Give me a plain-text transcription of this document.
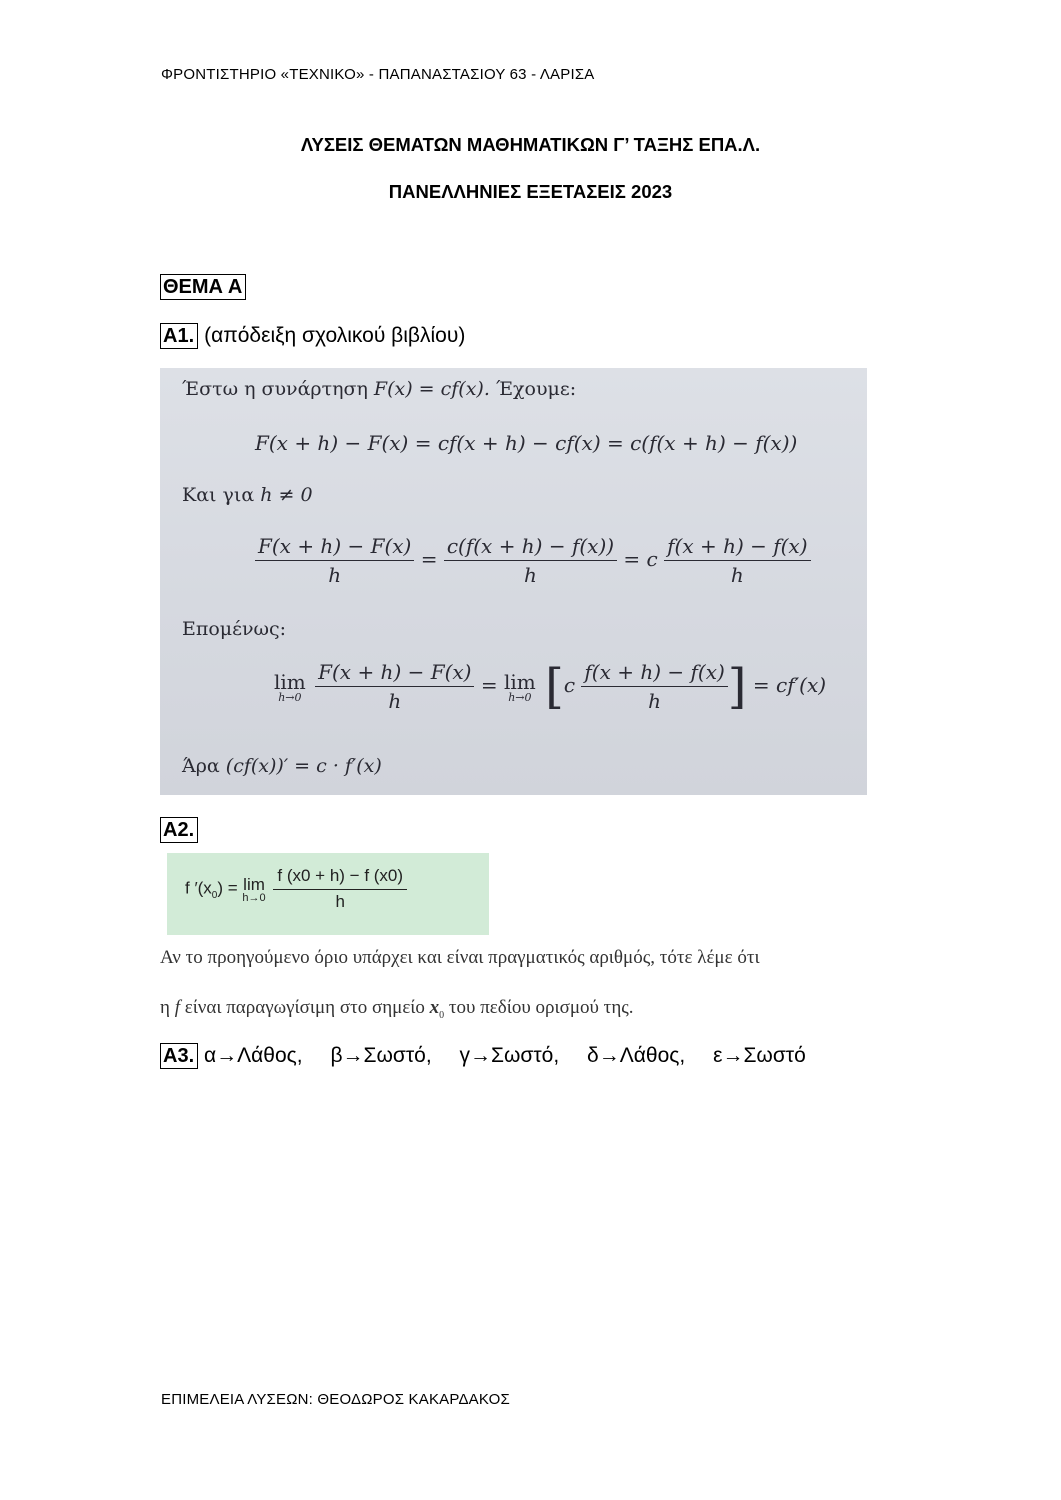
ΦΡΟΝΤΙΣΤΗΡΙΟ «ΤΕΧΝΙΚΟ» - ΠΑΠΑΝΑΣΤΑΣΙΟΥ 63 - ΛΑΡΙΣΑ
ΛΥΣΕΙΣ ΘΕΜΑΤΩΝ ΜΑΘΗΜΑΤΙΚΩΝ Γ’ ΤΑΞΗΣ ΕΠΑ.Λ.
ΠΑΝΕΛΛΗΝΙΕΣ ΕΞΕΤΑΣΕΙΣ 2023
ΘΕΜΑ Α
Α1. (απόδειξη σχολικού βιβλίου)
Έστω η συνάρτηση F(x) = cf(x). Έχουμε:
F(x + h) − F(x) = cf(x + h) − cf(x) = c(f(x + h) − f(x))
Και για h ≠ 0
$\frac{F(x + h) - F(x)}{h} = \frac{c(f(x + h) - f(x))}{h} = c \frac{f(x + h) - f(x)}{h}$
Επομένως:
lim
h→0
$\frac{F(x + h) - F(x)}{h} = \lim$
h→0 [$c \frac{f(x + h) - f(x)}{h}$ ] = cf′(x)
Άρα (cf(x))′ = c · f′(x)
Α2.
f $'(x_0) = \lim$
h→0
$\frac{f (x0 + h) - f (x0)}{h}$
Αν το προηγούμενο όριο υπάρχει και είναι πραγματικός αριθμός, τότε λέμε ότι
η f είναι παραγωγίσιμη στο σημείο $x_0$ του πεδίου ορισμού της.
Α3. α→Λάθος, β→Σωστό, γ→Σωστό, δ→Λάθος, ε→Σωστό
ΕΠΙΜΕΛΕΙΑ ΛΥΣΕΩΝ: ΘΕΟΔΩΡΟΣ ΚΑΚΑΡΔΑΚΟΣ
